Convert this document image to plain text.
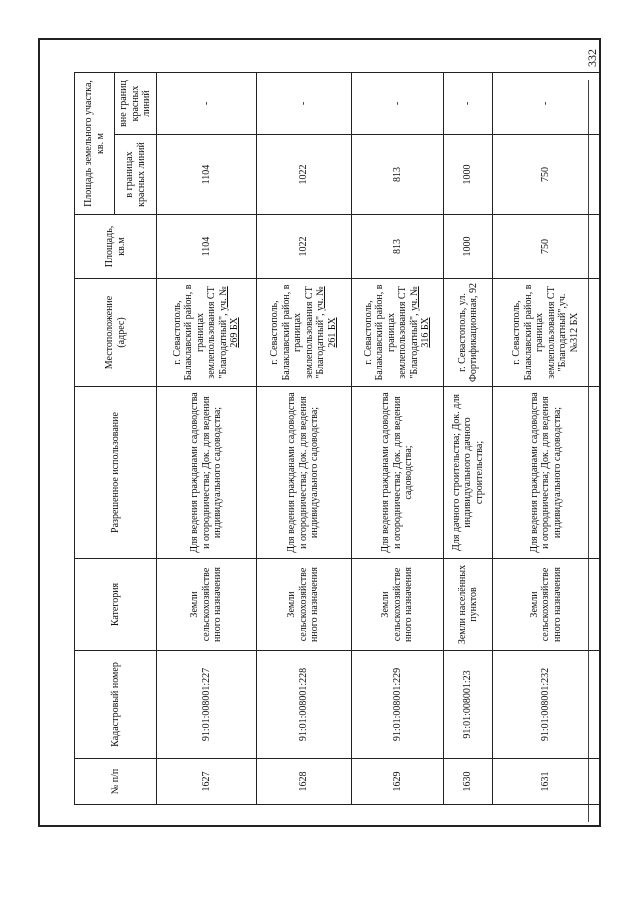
332
№ п/п	Кадастровый номер	Категория	Разрешенное использование	Местоположение (адрес)	Площадь, кв.м	Площадь земельного участка, кв. м	
						в границах красных линий	вне границ красных линий
1627	91:01:008001:227	Земли сельскохозяйстве нного назначения	Для ведения гражданами садоводства и огородничества; Док. для ведения индивидуального садоводства;	г. Севастополь, Балаклавский район, в границах землепользования СТ "Благодатный", уч. № 269 БХ	1104	1104	-
1628	91:01:008001:228	Земли сельскохозяйстве нного назначения	Для ведения гражданами садоводства и огородничества; Док. для ведения индивидуального садоводства;	г. Севастополь, Балаклавский район, в границах землепользования СТ "Благодатный", уч. № 261 БХ	1022	1022	-
1629	91:01:008001:229	Земли сельскохозяйстве нного назначения	Для ведения гражданами садоводства и огородничества; Док. для ведения садоводства;	г. Севастополь, Балаклавский район, в границах землепользования СТ "Благодатный", уч. № 316 БХ	813	813	-
1630	91:01:008001:23	Земли населённых пунктов	Для дачного строительства; Док. для индивидуального дачного строительства;	г. Севастополь, ул. Фортификационная, 92	1000	1000	-
1631	91:01:008001:232	Земли сельскохозяйстве нного назначения	Для ведения гражданами садоводства и огородничества; Док. для ведения индивидуального садоводства;	г. Севастополь, Балаклавский район, в границах землепользования СТ "Благодатный",уч. №312 БХ	750	750	-
